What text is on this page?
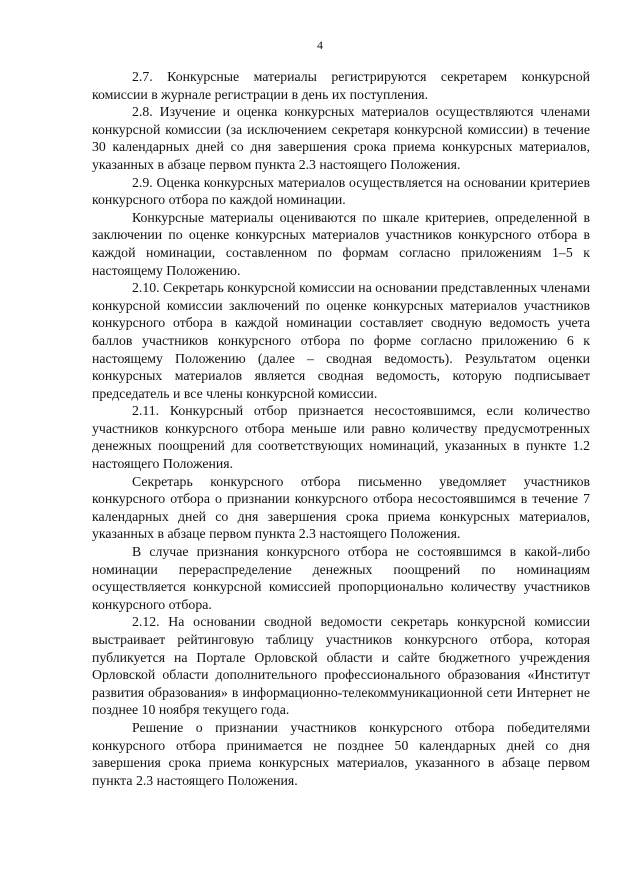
4

2.7. Конкурсные материалы регистрируются секретарем конкурсной комиссии в журнале регистрации в день их поступления.

2.8. Изучение и оценка конкурсных материалов осуществляются членами конкурсной комиссии (за исключением секретаря конкурсной комиссии) в течение 30 календарных дней со дня завершения срока приема конкурсных материалов, указанных в абзаце первом пункта 2.3 настоящего Положения.

2.9. Оценка конкурсных материалов осуществляется на основании критериев конкурсного отбора по каждой номинации.

Конкурсные материалы оцениваются по шкале критериев, определенной в заключении по оценке конкурсных материалов участников конкурсного отбора в каждой номинации, составленном по формам согласно приложениям 1–5 к настоящему Положению.

2.10. Секретарь конкурсной комиссии на основании представленных членами конкурсной комиссии заключений по оценке конкурсных материалов участников конкурсного отбора в каждой номинации составляет сводную ведомость учета баллов участников конкурсного отбора по форме согласно приложению 6 к настоящему Положению (далее – сводная ведомость). Результатом оценки конкурсных материалов является сводная ведомость, которую подписывает председатель и все члены конкурсной комиссии.

2.11. Конкурсный отбор признается несостоявшимся, если количество участников конкурсного отбора меньше или равно количеству предусмотренных денежных поощрений для соответствующих номинаций, указанных в пункте 1.2 настоящего Положения.

Секретарь конкурсного отбора письменно уведомляет участников конкурсного отбора о признании конкурсного отбора несостоявшимся в течение 7 календарных дней со дня завершения срока приема конкурсных материалов, указанных в абзаце первом пункта 2.3 настоящего Положения.

В случае признания конкурсного отбора не состоявшимся в какой-либо номинации перераспределение денежных поощрений по номинациям осуществляется конкурсной комиссией пропорционально количеству участников конкурсного отбора.

2.12. На основании сводной ведомости секретарь конкурсной комиссии выстраивает рейтинговую таблицу участников конкурсного отбора, которая публикуется на Портале Орловской области и сайте бюджетного учреждения Орловской области дополнительного профессионального образования «Институт развития образования» в информационно-телекоммуникационной сети Интернет не позднее 10 ноября текущего года.

Решение о признании участников конкурсного отбора победителями конкурсного отбора принимается не позднее 50 календарных дней со дня завершения срока приема конкурсных материалов, указанного в абзаце первом пункта 2.3 настоящего Положения.
